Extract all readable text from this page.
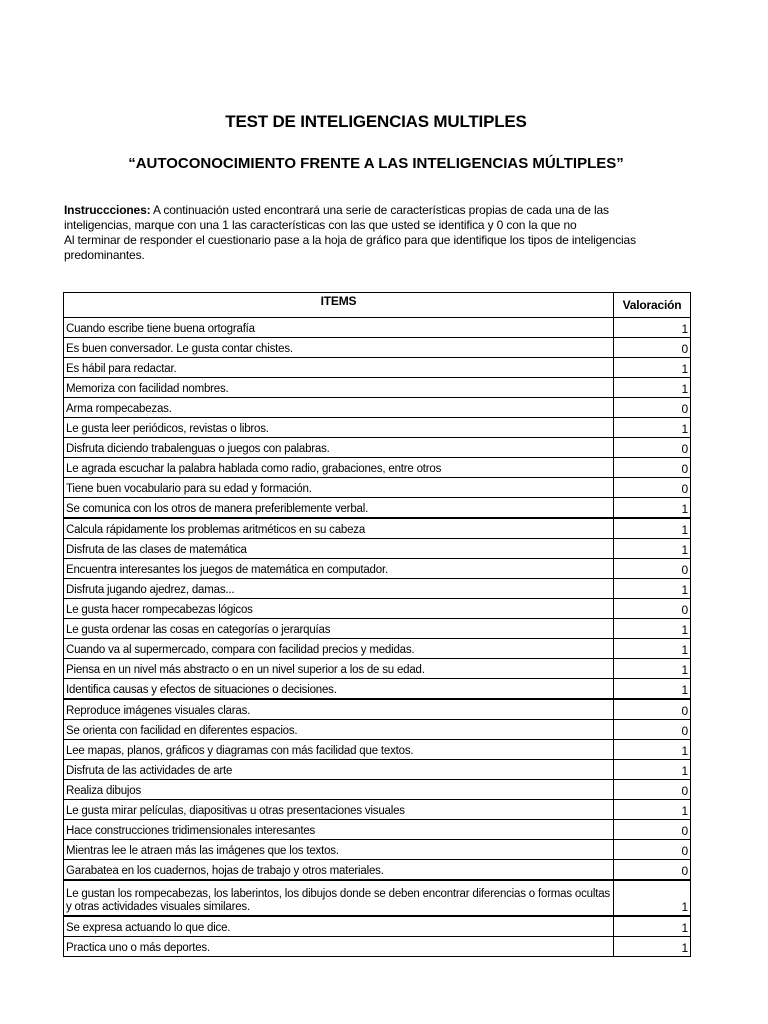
TEST DE INTELIGENCIAS MULTIPLES
“AUTOCONOCIMIENTO FRENTE A LAS INTELIGENCIAS MÚLTIPLES”
Instruccciones: A continuación usted encontrará una serie de características propias de cada una de las
inteligencias, marque con una 1 las características con las que usted se identifica y 0 con la que no
Al terminar de responder el cuestionario pase a la hoja de gráfico para que identifique los tipos de inteligencias
predominantes.
ITEMS	Valoración
Cuando escribe tiene buena ortografía	1
Es buen conversador. Le gusta contar chistes.	0
Es hábil para redactar.	1
Memoriza con facilidad nombres.	1
Arma rompecabezas.	0
Le gusta leer periódicos, revistas o libros.	1
Disfruta diciendo trabalenguas o juegos con palabras.	0
Le agrada escuchar la palabra hablada como radio, grabaciones, entre otros	0
Tiene buen vocabulario para su edad y formación.	0
Se comunica con los otros de manera preferiblemente verbal.	1
Calcula rápidamente los problemas aritméticos en su cabeza	1
Disfruta de las clases de matemática	1
Encuentra interesantes los juegos de matemática en computador.	0
Disfruta jugando ajedrez, damas...	1
Le gusta hacer rompecabezas lógicos	0
Le gusta ordenar las cosas en categorías o jerarquías	1
Cuando va al supermercado, compara con facilidad precios y medidas.	1
Piensa en un nivel más abstracto o en un nivel superior a los de su edad.	1
Identifica causas y efectos de situaciones o decisiones.	1
Reproduce imágenes visuales claras.	0
Se orienta con facilidad en diferentes espacios.	0
Lee mapas, planos, gráficos y diagramas con más facilidad que textos.	1
Disfruta de las actividades de arte	1
Realiza dibujos	0
Le gusta mirar películas, diapositivas u otras presentaciones visuales	1
Hace construcciones tridimensionales interesantes	0
Mientras lee le atraen más las imágenes que los textos.	0
Garabatea en los cuadernos, hojas de trabajo y otros materiales.	0
Le gustan los rompecabezas, los laberintos, los dibujos donde se deben encontrar diferencias o formas ocultas y otras actividades visuales similares.	1
Se expresa actuando lo que dice.	1
Practica uno o más deportes.	1
